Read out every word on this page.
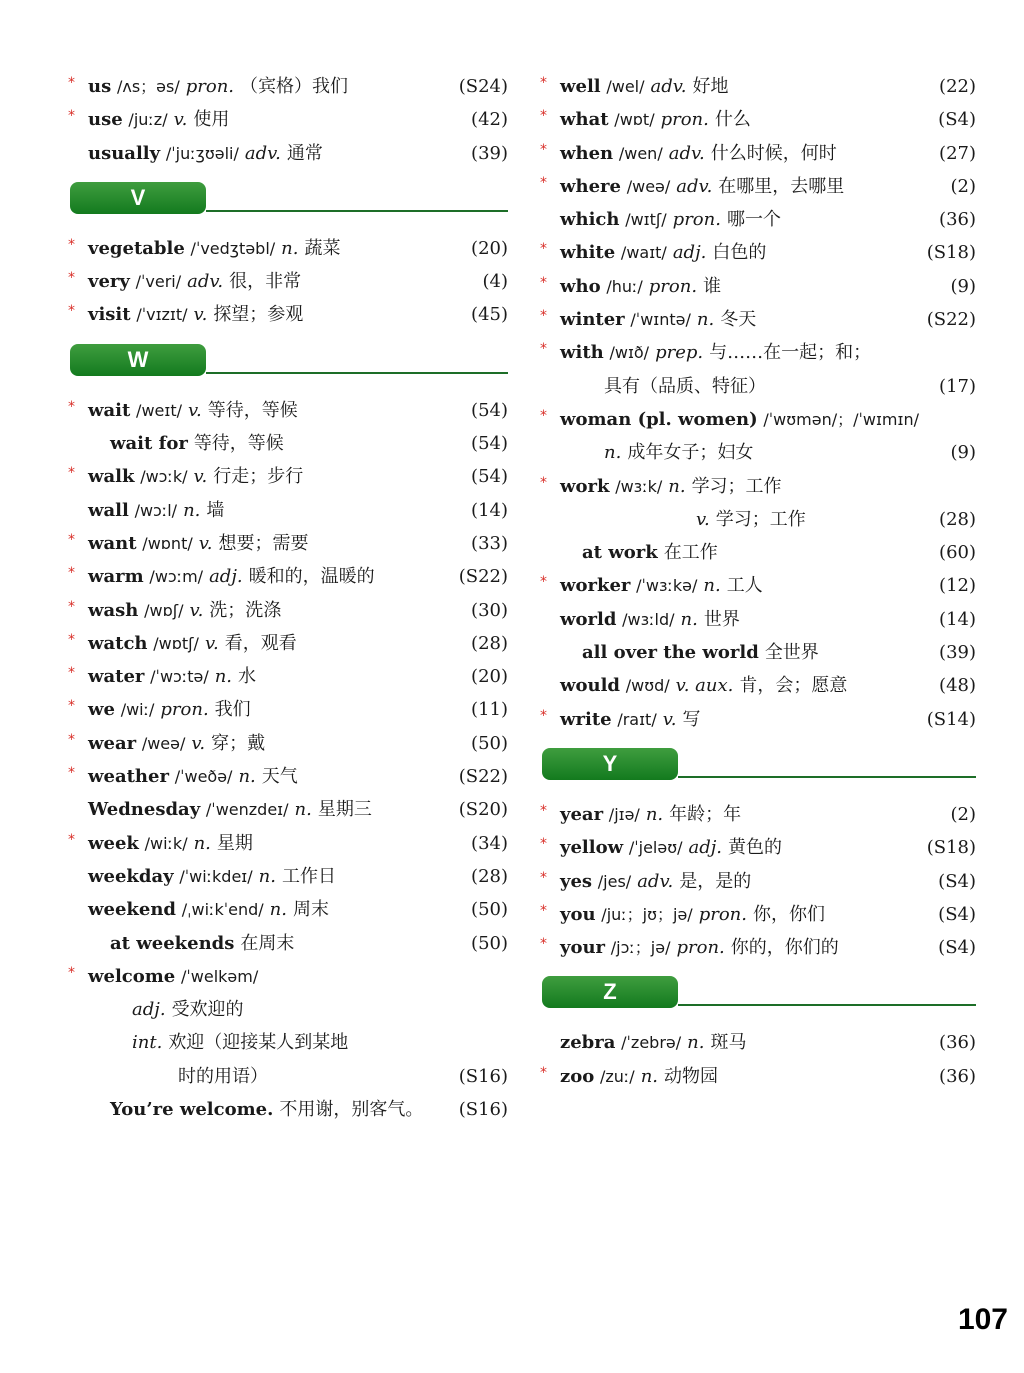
* us /ʌs；əs/ pron. （宾格）我们	(S24)
* use /juːz/ v. 使用	(42)
usually /ˈjuːʒʊəli/ adv. 通常	(39)
V
* vegetable /ˈvedʒtəbl/ n. 蔬菜	(20)
* very /ˈveri/ adv. 很，非常	(4)
* visit /ˈvɪzɪt/ v. 探望；参观	(45)
W
* wait /weɪt/ v. 等待，等候	(54)
wait for 等待，等候	(54)
* walk /wɔːk/ v. 行走；步行	(54)
wall /wɔːl/ n. 墙	(14)
* want /wɒnt/ v. 想要；需要	(33)
* warm /wɔːm/ adj. 暖和的，温暖的	(S22)
* wash /wɒʃ/ v. 洗；洗涤	(30)
* watch /wɒtʃ/ v. 看，观看	(28)
* water /ˈwɔːtə/ n. 水	(20)
* we /wiː/ pron. 我们	(11)
* wear /weə/ v. 穿；戴	(50)
* weather /ˈweðə/ n. 天气	(S22)
Wednesday /ˈwenzdeɪ/ n. 星期三	(S20)
* week /wiːk/ n. 星期	(34)
weekday /ˈwiːkdeɪ/ n. 工作日	(28)
weekend /ˌwiːkˈend/ n. 周末	(50)
at weekends 在周末	(50)
* welcome /ˈwelkəm/
adj. 受欢迎的
int. 欢迎（迎接某人到某地
时的用语）	(S16)
You’re welcome. 不用谢，别客气。 (S16)
* well /wel/ adv. 好地	(22)
* what /wɒt/ pron. 什么	(S4)
* when /wen/ adv. 什么时候，何时	(27)
* where /weə/ adv. 在哪里，去哪里	(2)
which /wɪtʃ/ pron. 哪一个	(36)
* white /waɪt/ adj. 白色的	(S18)
* who /huː/ pron. 谁	(9)
* winter /ˈwɪntə/ n. 冬天	(S22)
* with /wɪð/ prep. 与……在一起；和；
具有（品质、特征）	(17)
* woman (pl. women) /ˈwʊmən/；/ˈwɪmɪn/
n. 成年女子；妇女	(9)
* work /wɜːk/ n. 学习；工作
v. 学习；工作	(28)
at work 在工作	(60)
* worker /ˈwɜːkə/ n. 工人	(12)
world /wɜːld/ n. 世界	(14)
all over the world 全世界	(39)
would /wʊd/ v. aux. 肯，会；愿意	(48)
* write /raɪt/ v. 写	(S14)
Y
* year /jɪə/ n. 年龄；年	(2)
* yellow /ˈjeləʊ/ adj. 黄色的	(S18)
* yes /jes/ adv. 是，是的	(S4)
* you /juː；jʊ；jə/ pron. 你，你们	(S4)
* your /jɔː；jə/ pron. 你的，你们的	(S4)
Z
zebra /ˈzebrə/ n. 斑马	(36)
* zoo /zuː/ n. 动物园	(36)
107
